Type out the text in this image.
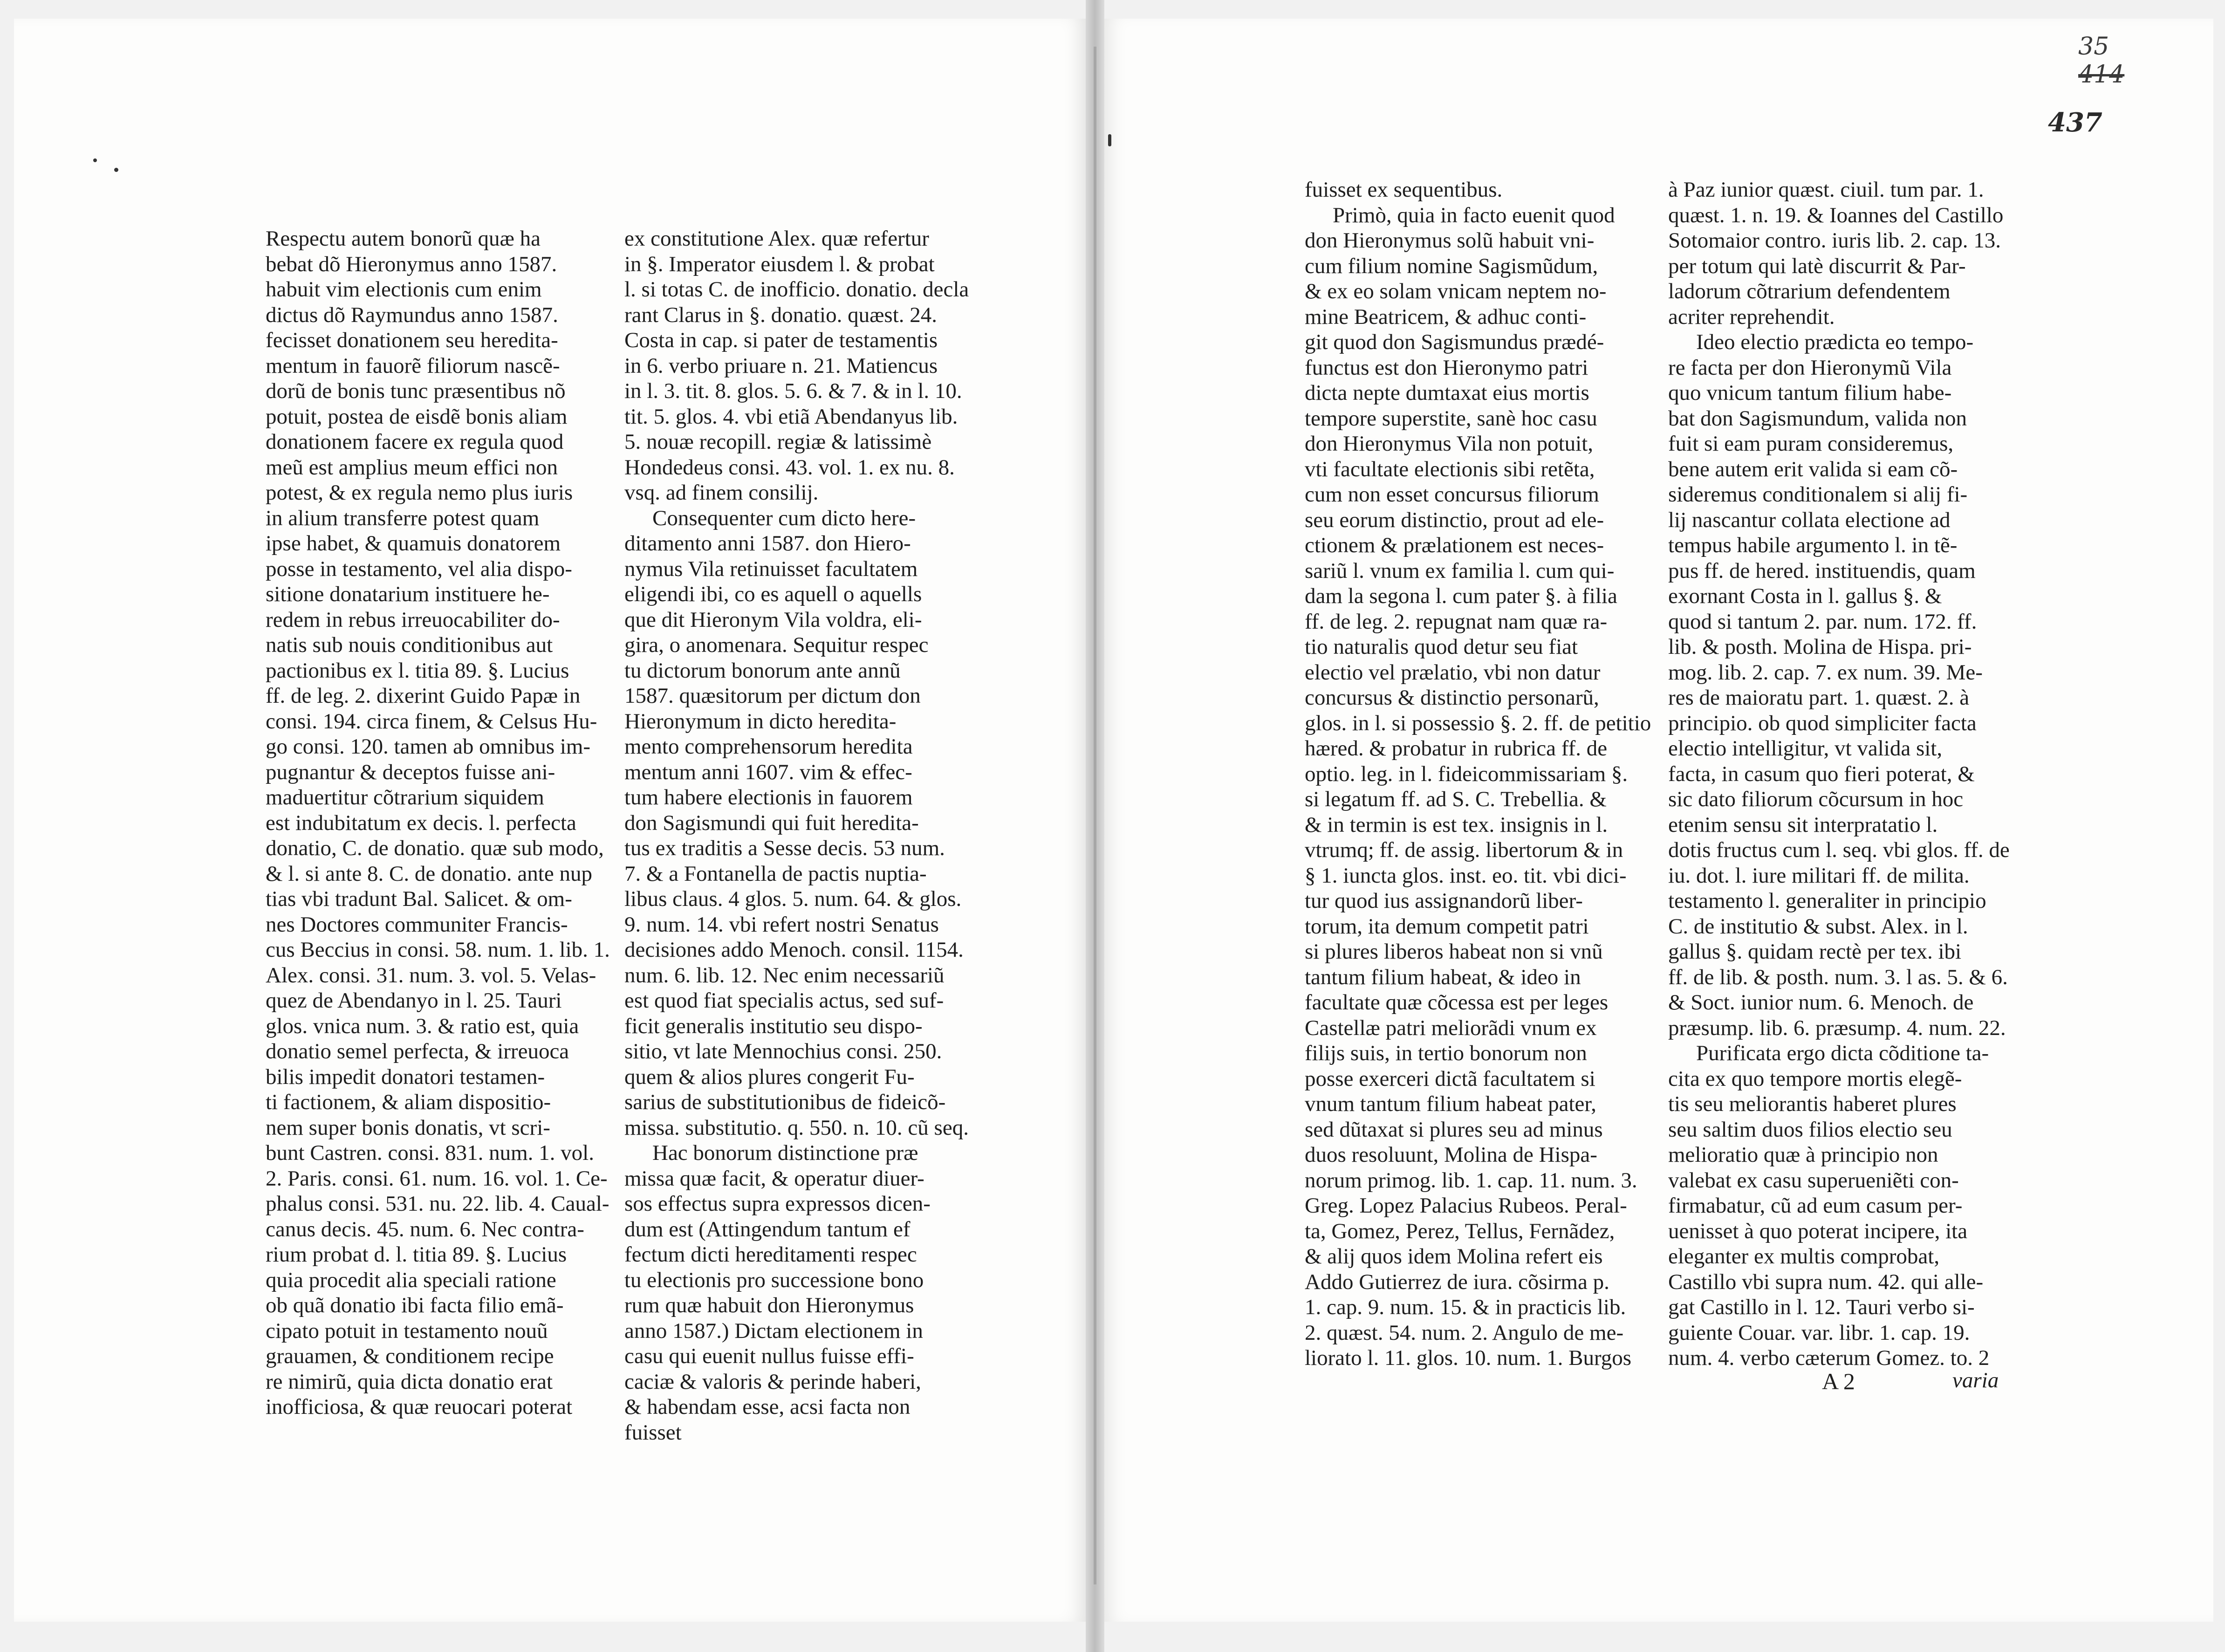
35
414
437
Respectu autem bonorũ quæ ha
bebat dõ Hieronymus anno 1587.
habuit vim electionis cum enim
dictus dõ Raymundus anno 1587.
fecisset donationem seu heredita-
mentum in fauorẽ filiorum nascẽ-
dorũ de bonis tunc præsentibus nõ
potuit, postea de eisdẽ bonis aliam
donationem facere ex regula quod
meũ est amplius meum effici non
potest, & ex regula nemo plus iuris
in alium transferre potest quam
ipse habet, & quamuis donatorem
posse in testamento, vel alia dispo-
sitione donatarium instituere he-
redem in rebus irreuocabiliter do-
natis sub nouis conditionibus aut
pactionibus ex l. titia 89. §. Lucius
ff. de leg. 2. dixerint Guido Papæ in
consi. 194. circa finem, & Celsus Hu-
go consi. 120. tamen ab omnibus im-
pugnantur & deceptos fuisse ani-
maduertitur cõtrarium siquidem
est indubitatum ex decis. l. perfecta
donatio, C. de donatio. quæ sub modo,
& l. si ante 8. C. de donatio. ante nup
tias vbi tradunt Bal. Salicet. & om-
nes Doctores communiter Francis-
cus Beccius in consi. 58. num. 1. lib. 1.
Alex. consi. 31. num. 3. vol. 5. Velas-
quez de Abendanyo in l. 25. Tauri
glos. vnica num. 3. & ratio est, quia
donatio semel perfecta, & irreuoca
bilis impedit donatori testamen-
ti factionem, & aliam dispositio-
nem super bonis donatis, vt scri-
bunt Castren. consi. 831. num. 1. vol.
2. Paris. consi. 61. num. 16. vol. 1. Ce-
phalus consi. 531. nu. 22. lib. 4. Caual-
canus decis. 45. num. 6. Nec contra-
rium probat d. l. titia 89. §. Lucius
quia procedit alia speciali ratione
ob quã donatio ibi facta filio emã-
cipato potuit in testamento nouũ
grauamen, & conditionem recipe
re nimirũ, quia dicta donatio erat
inofficiosa, & quæ reuocari poterat
ex constitutione Alex. quæ refertur
in §. Imperator eiusdem l. & probat
l. si totas C. de inofficio. donatio. decla
rant Clarus in §. donatio. quæst. 24.
Costa in cap. si pater de testamentis
in 6. verbo priuare n. 21. Matiencus
in l. 3. tit. 8. glos. 5. 6. & 7. & in l. 10.
tit. 5. glos. 4. vbi etiã Abendanyus lib.
5. nouæ recopill. regiæ & latissimè
Hondedeus consi. 43. vol. 1. ex nu. 8.
vsq. ad finem consilij.
Consequenter cum dicto here-
ditamento anni 1587. don Hiero-
nymus Vila retinuisset facultatem
eligendi ibi, co es aquell o aquells
que dit Hieronym Vila voldra, eli-
gira, o anomenara. Sequitur respec
tu dictorum bonorum ante annũ
1587. quæsitorum per dictum don
Hieronymum in dicto heredita-
mento comprehensorum heredita
mentum anni 1607. vim & effec-
tum habere electionis in fauorem
don Sagismundi qui fuit heredita-
tus ex traditis a Sesse decis. 53 num.
7. & a Fontanella de pactis nuptia-
libus claus. 4 glos. 5. num. 64. & glos.
9. num. 14. vbi refert nostri Senatus
decisiones addo Menoch. consil. 1154.
num. 6. lib. 12. Nec enim necessariũ
est quod fiat specialis actus, sed suf-
ficit generalis institutio seu dispo-
sitio, vt late Mennochius consi. 250.
quem & alios plures congerit Fu-
sarius de substitutionibus de fideicõ-
missa. substitutio. q. 550. n. 10. cũ seq.
Hac bonorum distinctione præ
missa quæ facit, & operatur diuer-
sos effectus supra expressos dicen-
dum est (Attingendum tantum ef
fectum dicti hereditamenti respec
tu electionis pro successione bono
rum quæ habuit don Hieronymus
anno 1587.) Dictam electionem in
casu qui euenit nullus fuisse effi-
caciæ & valoris & perinde haberi,
& habendam esse, acsi facta non
fuisset
fuisset ex sequentibus.
Primò, quia in facto euenit quod
don Hieronymus solũ habuit vni-
cum filium nomine Sagismũdum,
& ex eo solam vnicam neptem no-
mine Beatricem, & adhuc conti-
git quod don Sagismundus prædé-
functus est don Hieronymo patri
dicta nepte dumtaxat eius mortis
tempore superstite, sanè hoc casu
don Hieronymus Vila non potuit,
vti facultate electionis sibi retẽta,
cum non esset concursus filiorum
seu eorum distinctio, prout ad ele-
ctionem & prælationem est neces-
sariũ l. vnum ex familia l. cum qui-
dam la segona l. cum pater §. à filia
ff. de leg. 2. repugnat nam quæ ra-
tio naturalis quod detur seu fiat
electio vel prælatio, vbi non datur
concursus & distinctio personarũ,
glos. in l. si possessio §. 2. ff. de petitio
hæred. & probatur in rubrica ff. de
optio. leg. in l. fideicommissariam §.
si legatum ff. ad S. C. Trebellia. &
& in termin is est tex. insignis in l.
vtrumq; ff. de assig. libertorum & in
§ 1. iuncta glos. inst. eo. tit. vbi dici-
tur quod ius assignandorũ liber-
torum, ita demum competit patri
si plures liberos habeat non si vnũ
tantum filium habeat, & ideo in
facultate quæ cõcessa est per leges
Castellæ patri meliorãdi vnum ex
filijs suis, in tertio bonorum non
posse exerceri dictã facultatem si
vnum tantum filium habeat pater,
sed dũtaxat si plures seu ad minus
duos resoluunt, Molina de Hispa-
norum primog. lib. 1. cap. 11. num. 3.
Greg. Lopez Palacius Rubeos. Peral-
ta, Gomez, Perez, Tellus, Fernãdez,
& alij quos idem Molina refert eis
Addo Gutierrez de iura. cõsirma p.
1. cap. 9. num. 15. & in practicis lib.
2. quæst. 54. num. 2. Angulo de me-
liorato l. 11. glos. 10. num. 1. Burgos
à Paz iunior quæst. ciuil. tum par. 1.
quæst. 1. n. 19. & Ioannes del Castillo
Sotomaior contro. iuris lib. 2. cap. 13.
per totum qui latè discurrit & Par-
ladorum cõtrarium defendentem
acriter reprehendit.
Ideo electio prædicta eo tempo-
re facta per don Hieronymũ Vila
quo vnicum tantum filium habe-
bat don Sagismundum, valida non
fuit si eam puram consideremus,
bene autem erit valida si eam cõ-
sideremus conditionalem si alij fi-
lij nascantur collata electione ad
tempus habile argumento l. in tẽ-
pus ff. de hered. instituendis, quam
exornant Costa in l. gallus §. &
quod si tantum 2. par. num. 172. ff.
lib. & posth. Molina de Hispa. pri-
mog. lib. 2. cap. 7. ex num. 39. Me-
res de maioratu part. 1. quæst. 2. à
principio. ob quod simpliciter facta
electio intelligitur, vt valida sit,
facta, in casum quo fieri poterat, &
sic dato filiorum cõcursum in hoc
etenim sensu sit interpratatio l.
dotis fructus cum l. seq. vbi glos. ff. de
iu. dot. l. iure militari ff. de milita.
testamento l. generaliter in principio
C. de institutio & subst. Alex. in l.
gallus §. quidam rectè per tex. ibi
ff. de lib. & posth. num. 3. l as. 5. & 6.
& Soct. iunior num. 6. Menoch. de
præsump. lib. 6. præsump. 4. num. 22.
Purificata ergo dicta cõditione ta-
cita ex quo tempore mortis elegẽ-
tis seu meliorantis haberet plures
seu saltim duos filios electio seu
melioratio quæ à principio non
valebat ex casu superueniẽti con-
firmabatur, cũ ad eum casum per-
uenisset à quo poterat incipere, ita
eleganter ex multis comprobat,
Castillo vbi supra num. 42. qui alle-
gat Castillo in l. 12. Tauri verbo si-
guiente Couar. var. libr. 1. cap. 19.
num. 4. verbo cæterum Gomez. to. 2
A 2	varia
